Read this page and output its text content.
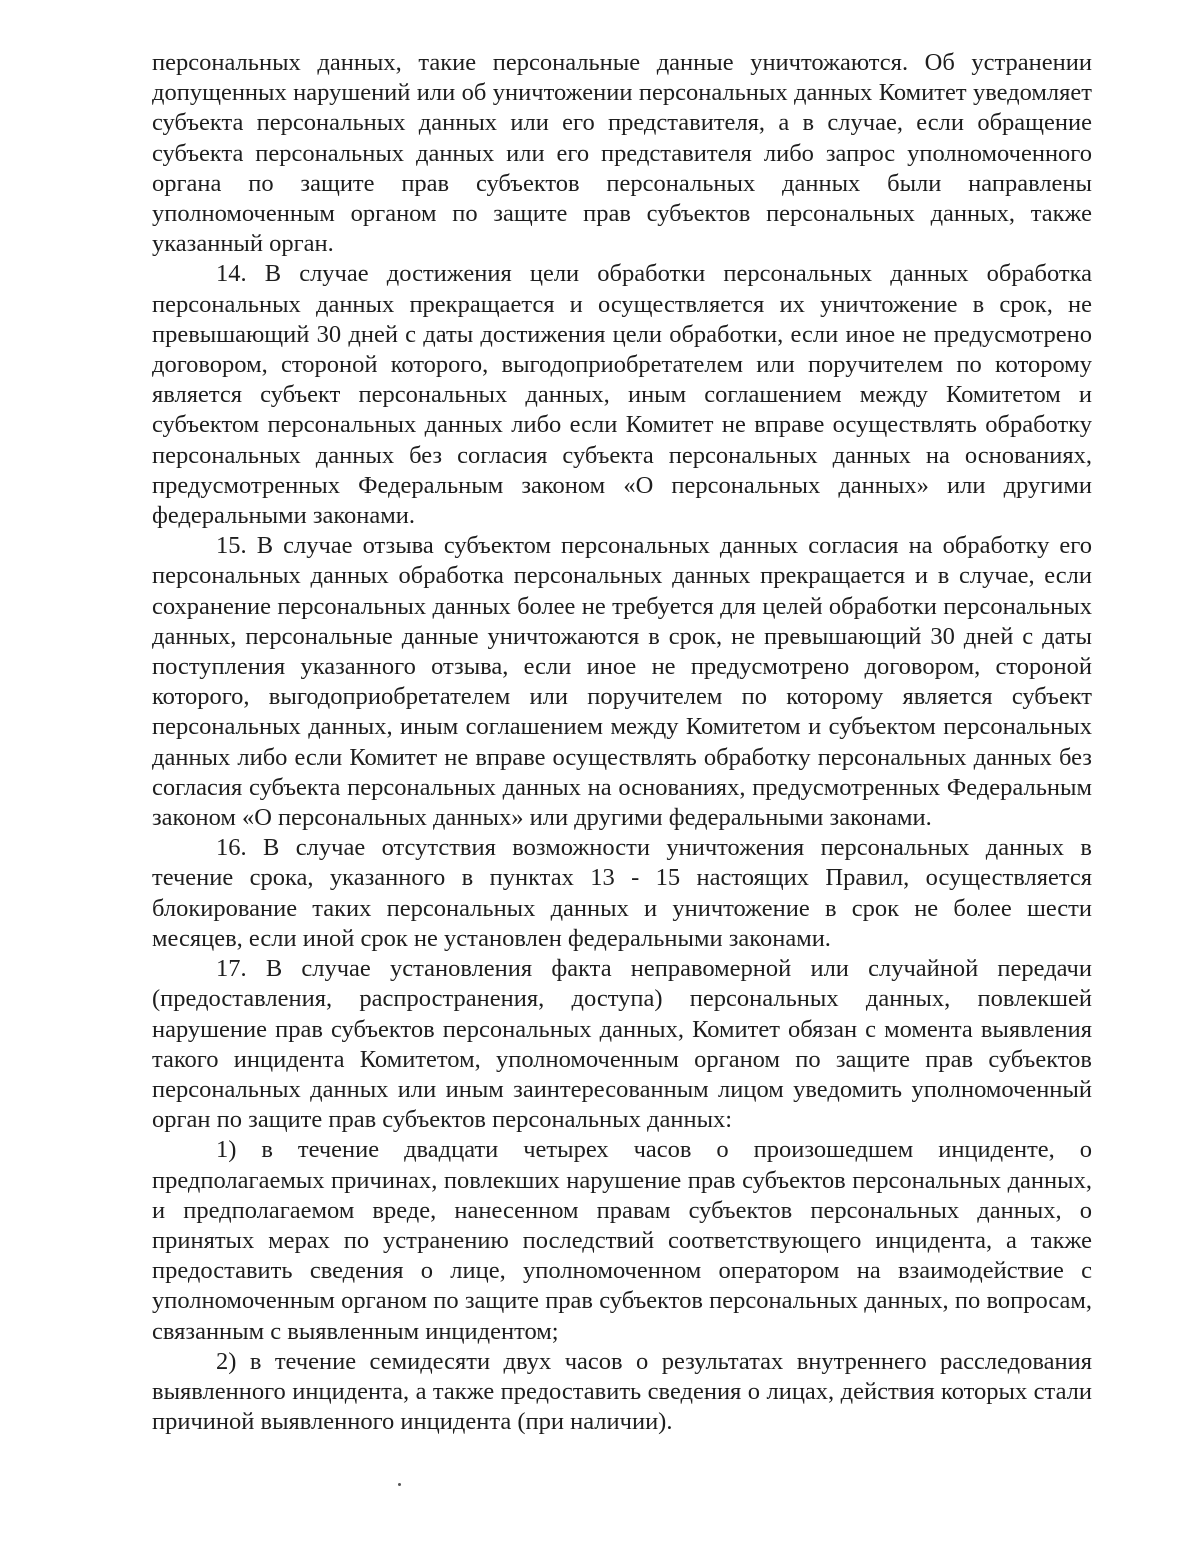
персональных данных, такие персональные данные уничтожаются. Об устранении допущенных нарушений или об уничтожении персональных данных Комитет уведомляет субъекта персональных данных или его представителя, а в случае, если обращение субъекта персональных данных или его представителя либо запрос уполномоченного органа по защите прав субъектов персональных данных были направлены уполномоченным органом по защите прав субъектов персональных данных, также указанный орган.

14. В случае достижения цели обработки персональных данных обработка персональных данных прекращается и осуществляется их уничтожение в срок, не превышающий 30 дней с даты достижения цели обработки, если иное не предусмотрено договором, стороной которого, выгодоприобретателем или поручителем по которому является субъект персональных данных, иным соглашением между Комитетом и субъектом персональных данных либо если Комитет не вправе осуществлять обработку персональных данных без согласия субъекта персональных данных на основаниях, предусмотренных Федеральным законом «О персональных данных» или другими федеральными законами.

15. В случае отзыва субъектом персональных данных согласия на обработку его персональных данных обработка персональных данных прекращается и в случае, если сохранение персональных данных более не требуется для целей обработки персональных данных, персональные данные уничтожаются в срок, не превышающий 30 дней с даты поступления указанного отзыва, если иное не предусмотрено договором, стороной которого, выгодоприобретателем или поручителем по которому является субъект персональных данных, иным соглашением между Комитетом и субъектом персональных данных либо если Комитет не вправе осуществлять обработку персональных данных без согласия субъекта персональных данных на основаниях, предусмотренных Федеральным законом «О персональных данных» или другими федеральными законами.

16. В случае отсутствия возможности уничтожения персональных данных в течение срока, указанного в пунктах 13 - 15 настоящих Правил, осуществляется блокирование таких персональных данных и уничтожение в срок не более шести месяцев, если иной срок не установлен федеральными законами.

17. В случае установления факта неправомерной или случайной передачи (предоставления, распространения, доступа) персональных данных, повлекшей нарушение прав субъектов персональных данных, Комитет обязан с момента выявления такого инцидента Комитетом, уполномоченным органом по защите прав субъектов персональных данных или иным заинтересованным лицом уведомить уполномоченный орган по защите прав субъектов персональных данных:

1) в течение двадцати четырех часов о произошедшем инциденте, о предполагаемых причинах, повлекших нарушение прав субъектов персональных данных, и предполагаемом вреде, нанесенном правам субъектов персональных данных, о принятых мерах по устранению последствий соответствующего инцидента, а также предоставить сведения о лице, уполномоченном оператором на взаимодействие с уполномоченным органом по защите прав субъектов персональных данных, по вопросам, связанным с выявленным инцидентом;

2) в течение семидесяти двух часов о результатах внутреннего расследования выявленного инцидента, а также предоставить сведения о лицах, действия которых стали причиной выявленного инцидента (при наличии).
